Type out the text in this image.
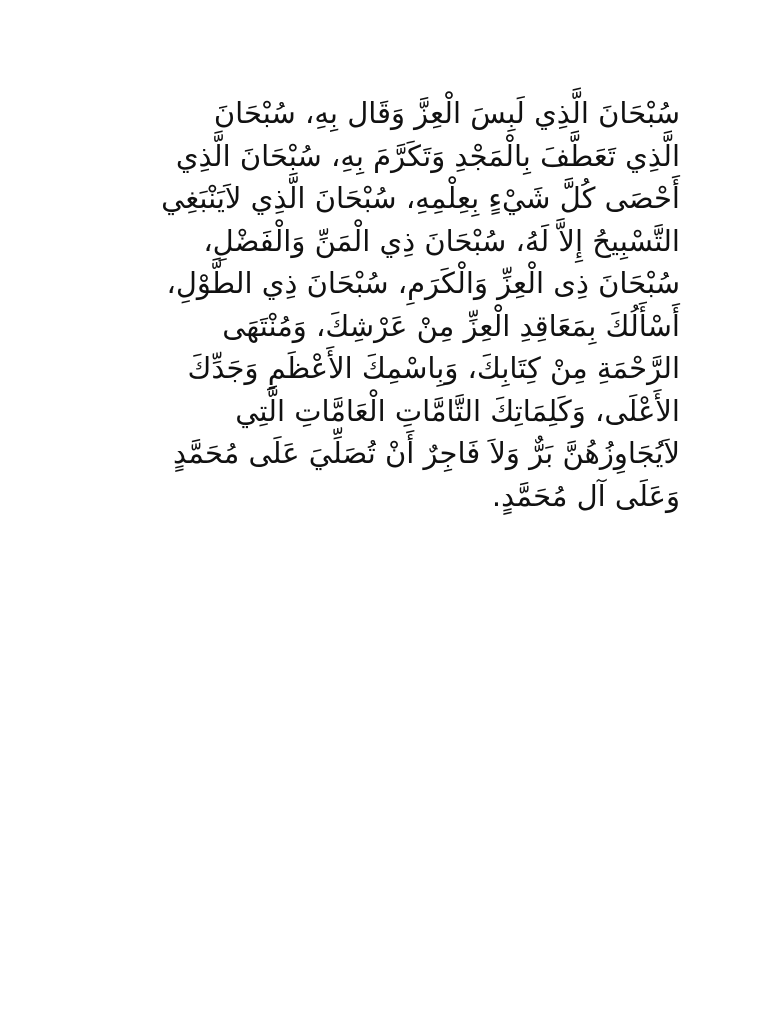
سُبْحَانَ الَّذِي لَبِسَ الْعِزَّ وَقَال بِهِ، سُبْحَانَ
الَّذِي تَعَطَّفَ بِالْمَجْدِ وَتَكَرَّمَ بِهِ، سُبْحَانَ الَّذِي
أَحْصَى كُلَّ شَيْءٍ بِعِلْمِهِ، سُبْحَانَ الَّذِي لاَيَنْبَغِي
التَّسْبِيحُ إِلاَّ لَهُ، سُبْحَانَ ذِي الْمَنِّ وَالْفَضْلِ،
سُبْحَانَ ذِى الْعِزِّ وَالْكَرَمِ، سُبْحَانَ ذِي الطَّوْلِ،
أَسْأَلُكَ بِمَعَاقِدِ الْعِزِّ مِنْ عَرْشِكَ، وَمُنْتَهَى
الرَّحْمَةِ مِنْ كِتَابِكَ، وَبِاسْمِكَ الأَعْظَمِ وَجَدِّكَ
الأَعْلَى، وَكَلِمَاتِكَ التَّامَّاتِ الْعَامَّاتِ الَّتِي
لاَيُجَاوِزُهُنَّ بَرٌّ وَلاَ فَاجِرٌ أَنْ تُصَلِّيَ عَلَى مُحَمَّدٍ
وَعَلَى آل مُحَمَّدٍ.
